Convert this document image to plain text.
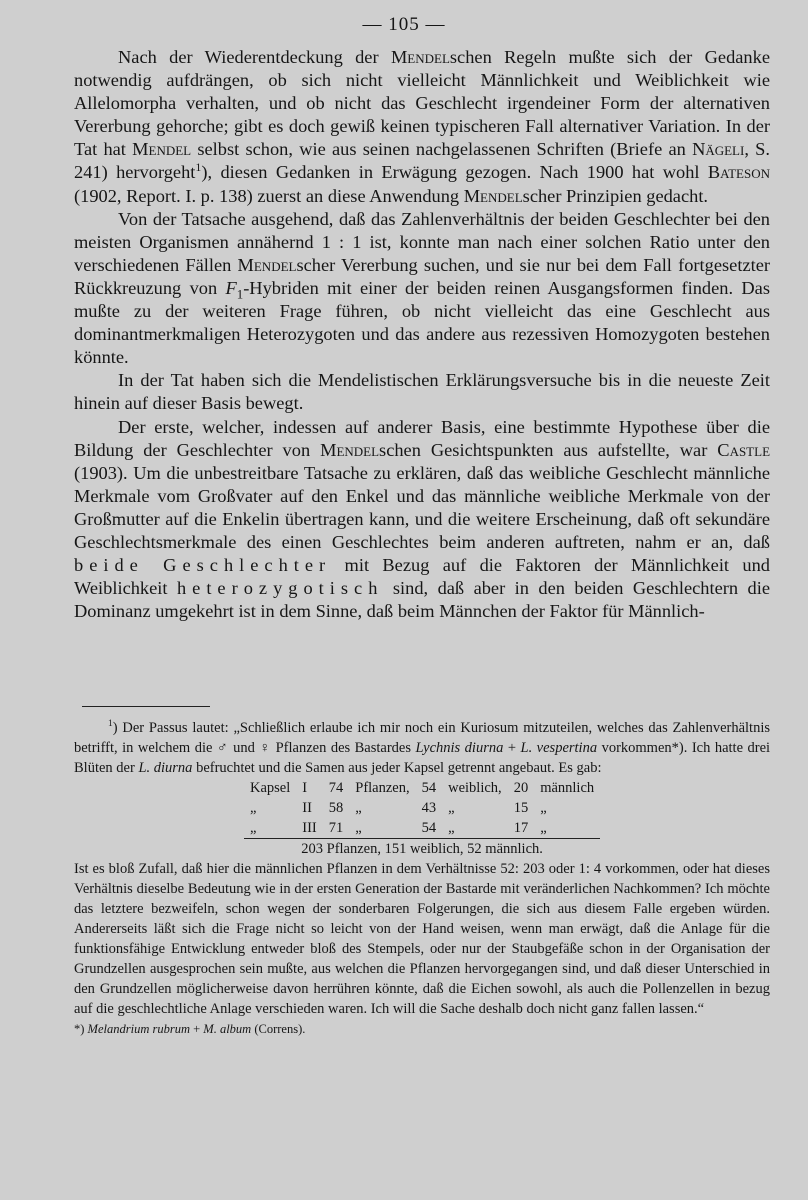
— 105 —

Nach der Wiederentdeckung der Mendelschen Regeln mußte sich der Gedanke notwendig aufdrängen, ob sich nicht vielleicht Männlichkeit und Weiblichkeit wie Allelomorpha verhalten, und ob nicht das Geschlecht irgendeiner Form der alternativen Vererbung gehorche; gibt es doch gewiß keinen typischeren Fall alternativer Variation. In der Tat hat Mendel selbst schon, wie aus seinen nachgelassenen Schriften (Briefe an Nägeli, S. 241) hervorgeht$^1$), diesen Gedanken in Erwägung gezogen. Nach 1900 hat wohl Bateson (1902, Report. I. p. 138) zuerst an diese Anwendung Mendelscher Prinzipien gedacht.

Von der Tatsache ausgehend, daß das Zahlenverhältnis der beiden Geschlechter bei den meisten Organismen annähernd 1 : 1 ist, konnte man nach einer solchen Ratio unter den verschiedenen Fällen Mendelscher Vererbung suchen, und sie nur bei dem Fall fortgesetzter Rückkreuzung von $F_1$-Hybriden mit einer der beiden reinen Ausgangsformen finden. Das mußte zu der weiteren Frage führen, ob nicht vielleicht das eine Geschlecht aus dominantmerkmaligen Heterozygoten und das andere aus rezessiven Homozygoten bestehen könnte.

In der Tat haben sich die Mendelistischen Erklärungsversuche bis in die neueste Zeit hinein auf dieser Basis bewegt.

Der erste, welcher, indessen auf anderer Basis, eine bestimmte Hypothese über die Bildung der Geschlechter von Mendelschen Gesichtspunkten aus aufstellte, war Castle (1903). Um die unbestreitbare Tatsache zu erklären, daß das weibliche Geschlecht männliche Merkmale vom Großvater auf den Enkel und das männliche weibliche Merkmale von der Großmutter auf die Enkelin übertragen kann, und die weitere Erscheinung, daß oft sekundäre Geschlechtsmerkmale des einen Geschlechtes beim anderen auftreten, nahm er an, daß beide Geschlechter mit Bezug auf die Faktoren der Männlichkeit und Weiblichkeit heterozygotisch sind, daß aber in den beiden Geschlechtern die Dominanz umgekehrt ist in dem Sinne, daß beim Männchen der Faktor für Männlich-

$^1$) Der Passus lautet: „Schließlich erlaube ich mir noch ein Kuriosum mitzuteilen, welches das Zahlenverhältnis betrifft, in welchem die ♂ und ♀ Pflanzen des Bastardes Lychnis diurna + L. vespertina vorkommen*). Ich hatte drei Blüten der L. diurna befruchtet und die Samen aus jeder Kapsel getrennt angebaut. Es gab:

Kapsel	I	74	Pflanzen,	54	weiblich,	20	männlich
„	II	58	„	43	„	15	„
„	III	71	„	54	„	17	„
203 Pflanzen, 151 weiblich, 52 männlich.							

Ist es bloß Zufall, daß hier die männlichen Pflanzen in dem Verhältnisse 52: 203 oder 1: 4 vorkommen, oder hat dieses Verhältnis dieselbe Bedeutung wie in der ersten Generation der Bastarde mit veränderlichen Nachkommen? Ich möchte das letztere bezweifeln, schon wegen der sonderbaren Folgerungen, die sich aus diesem Falle ergeben würden. Andererseits läßt sich die Frage nicht so leicht von der Hand weisen, wenn man erwägt, daß die Anlage für die funktionsfähige Entwicklung entweder bloß des Stempels, oder nur der Staubgefäße schon in der Organisation der Grundzellen ausgesprochen sein mußte, aus welchen die Pflanzen hervorgegangen sind, und daß dieser Unterschied in den Grundzellen möglicherweise davon herrühren könnte, daß die Eichen sowohl, als auch die Pollenzellen in bezug auf die geschlechtliche Anlage verschieden waren. Ich will die Sache deshalb doch nicht ganz fallen lassen.“

*) Melandrium rubrum + M. album (Correns).
